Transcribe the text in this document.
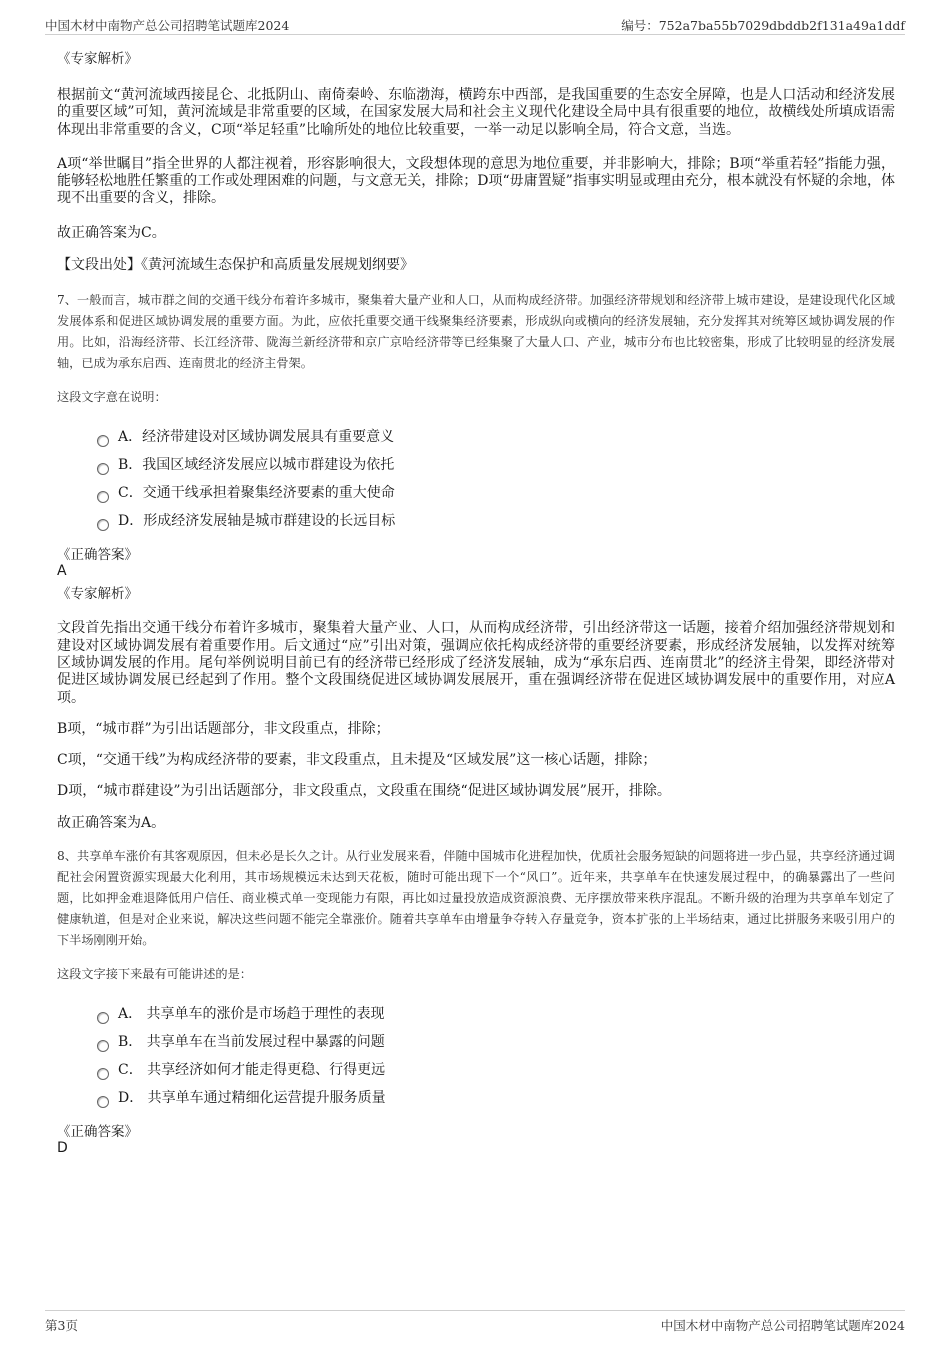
中国木材中南物产总公司招聘笔试题库2024	编号：752a7ba55b7029dbddb2f131a49a1ddf

《专家解析》

根据前文“黄河流域西接昆仑、北抵阴山、南倚秦岭、东临渤海，横跨东中西部，是我国重要的生态安全屏障，也是人口活动和经济发展的重要区域”可知，黄河流域是非常重要的区域，在国家发展大局和社会主义现代化建设全局中具有很重要的地位，故横线处所填成语需体现出非常重要的含义，C项“举足轻重”比喻所处的地位比较重要，一举一动足以影响全局，符合文意，当选。

A项“举世瞩目”指全世界的人都注视着，形容影响很大，文段想体现的意思为地位重要，并非影响大，排除；B项“举重若轻”指能力强，能够轻松地胜任繁重的工作或处理困难的问题，与文意无关，排除；D项“毋庸置疑”指事实明显或理由充分，根本就没有怀疑的余地，体现不出重要的含义，排除。

故正确答案为C。

【文段出处】《黄河流域生态保护和高质量发展规划纲要》

7、一般而言，城市群之间的交通干线分布着许多城市，聚集着大量产业和人口，从而构成经济带。加强经济带规划和经济带上城市建设，是建设现代化区域发展体系和促进区域协调发展的重要方面。为此，应依托重要交通干线聚集经济要素，形成纵向或横向的经济发展轴，充分发挥其对统筹区域协调发展的作用。比如，沿海经济带、长江经济带、陇海兰新经济带和京广京哈经济带等已经集聚了大量人口、产业，城市分布也比较密集，形成了比较明显的经济发展轴，已成为承东启西、连南贯北的经济主骨架。

这段文字意在说明：

A．经济带建设对区域协调发展具有重要意义
B．我国区域经济发展应以城市群建设为依托
C．交通干线承担着聚集经济要素的重大使命
D．形成经济发展轴是城市群建设的长远目标

《正确答案》

A

《专家解析》

文段首先指出交通干线分布着许多城市，聚集着大量产业、人口，从而构成经济带，引出经济带这一话题，接着介绍加强经济带规划和建设对区域协调发展有着重要作用。后文通过“应”引出对策，强调应依托构成经济带的重要经济要素，形成经济发展轴，以发挥对统筹区域协调发展的作用。尾句举例说明目前已有的经济带已经形成了经济发展轴，成为“承东启西、连南贯北”的经济主骨架，即经济带对促进区域协调发展已经起到了作用。整个文段围绕促进区域协调发展展开，重在强调经济带在促进区域协调发展中的重要作用，对应A项。

B项，“城市群”为引出话题部分，非文段重点，排除；

C项，“交通干线”为构成经济带的要素，非文段重点，且未提及“区域发展”这一核心话题，排除；

D项，“城市群建设”为引出话题部分，非文段重点，文段重在围绕“促进区域协调发展”展开，排除。

故正确答案为A。

8、共享单车涨价有其客观原因，但未必是长久之计。从行业发展来看，伴随中国城市化进程加快，优质社会服务短缺的问题将进一步凸显，共享经济通过调配社会闲置资源实现最大化利用，其市场规模远未达到天花板，随时可能出现下一个“风口”。近年来，共享单车在快速发展过程中，的确暴露出了一些问题，比如押金难退降低用户信任、商业模式单一变现能力有限，再比如过量投放造成资源浪费、无序摆放带来秩序混乱。不断升级的治理为共享单车划定了健康轨道，但是对企业来说，解决这些问题不能完全靠涨价。随着共享单车由增量争夺转入存量竞争，资本扩张的上半场结束，通过比拼服务来吸引用户的下半场刚刚开始。

这段文字接下来最有可能讲述的是：

A． 共享单车的涨价是市场趋于理性的表现
B． 共享单车在当前发展过程中暴露的问题
C． 共享经济如何才能走得更稳、行得更远
D． 共享单车通过精细化运营提升服务质量

《正确答案》

D

第3页	中国木材中南物产总公司招聘笔试题库2024
